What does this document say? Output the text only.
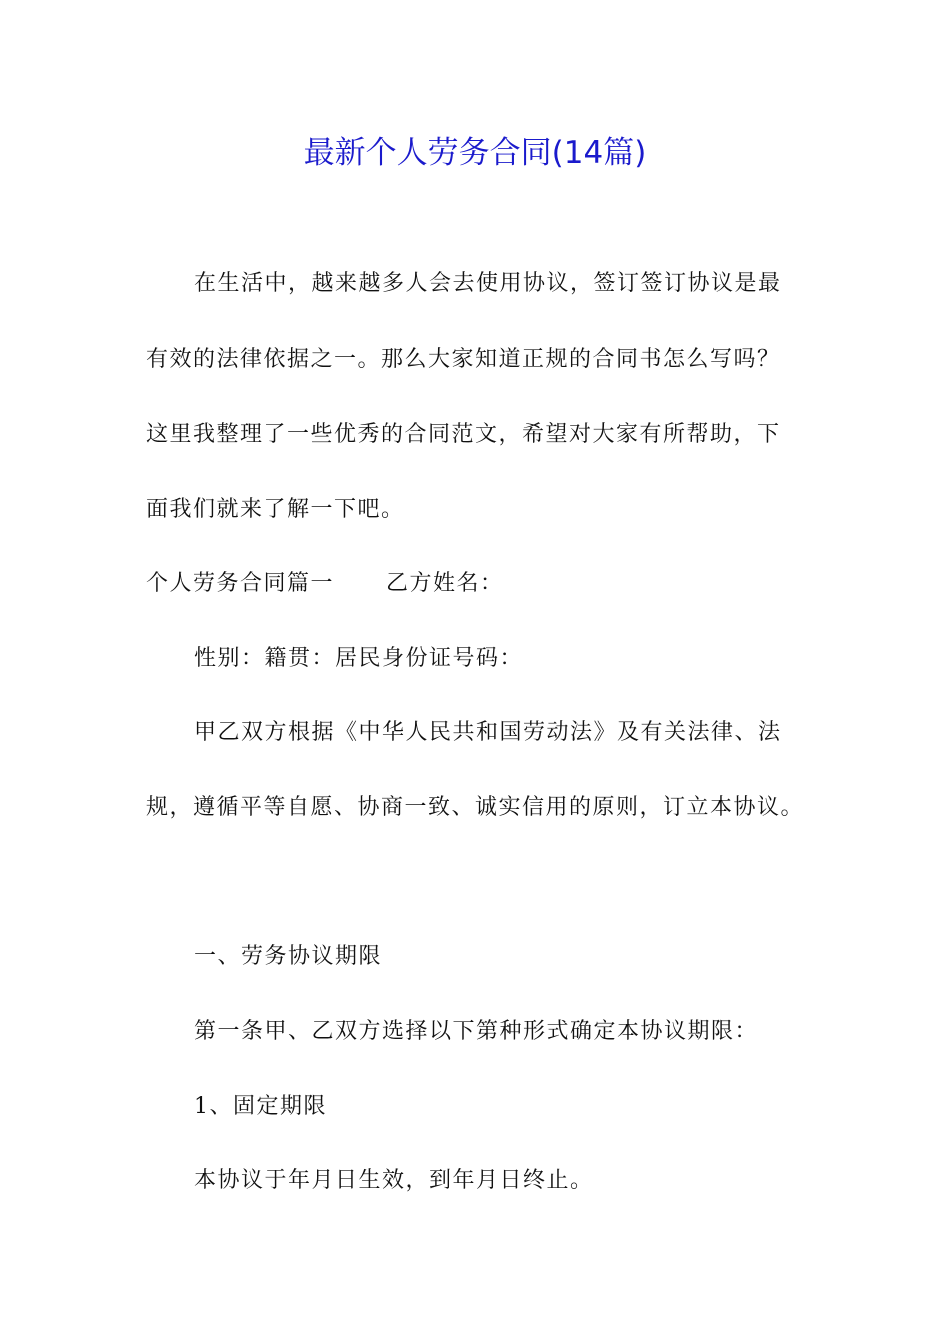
最新个人劳务合同(14篇)
在生活中，越来越多人会去使用协议，签订签订协议是最
有效的法律依据之一。那么大家知道正规的合同书怎么写吗？
这里我整理了一些优秀的合同范文，希望对大家有所帮助，下
面我们就来了解一下吧。
个人劳务合同篇一 乙方姓名：
性别：籍贯：居民身份证号码：
甲乙双方根据《中华人民共和国劳动法》及有关法律、法
规，遵循平等自愿、协商一致、诚实信用的原则，订立本协议。
一、劳务协议期限
第一条甲、乙双方选择以下第种形式确定本协议期限：
1、固定期限
本协议于年月日生效，到年月日终止。
